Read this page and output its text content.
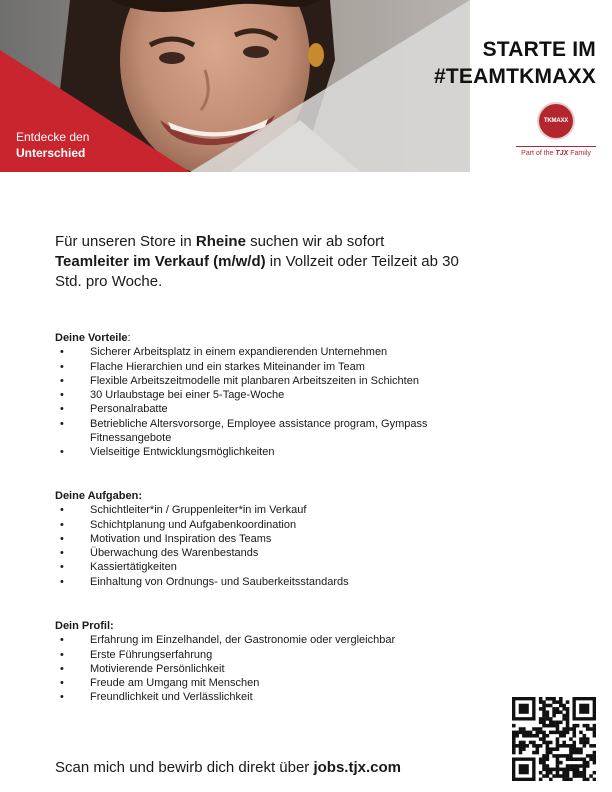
Entdecke den
Unterschied
STARTE IM
#TEAMTKMAXX
TKMAXX
Part of the TJX Family
Für unseren Store in Rheine suchen wir ab sofort
Teamleiter im Verkauf (m/w/d) in Vollzeit oder Teilzeit ab 30 Std. pro Woche.
Deine Vorteile:
• Sicherer Arbeitsplatz in einem expandierenden Unternehmen
• Flache Hierarchien und ein starkes Miteinander im Team
• Flexible Arbeitszeitmodelle mit planbaren Arbeitszeiten in Schichten
• 30 Urlaubstage bei einer 5-Tage-Woche
• Personalrabatte
• Betriebliche Altersvorsorge, Employee assistance program, Gympass Fitnessangebote
• Vielseitige Entwicklungsmöglichkeiten
Deine Aufgaben:
• Schichtleiter*in / Gruppenleiter*in im Verkauf
• Schichtplanung und Aufgabenkoordination
• Motivation und Inspiration des Teams
• Überwachung des Warenbestands
• Kassiertätigkeiten
• Einhaltung von Ordnungs- und Sauberkeitsstandards
Dein Profil:
• Erfahrung im Einzelhandel, der Gastronomie oder vergleichbar
• Erste Führungserfahrung
• Motivierende Persönlichkeit
• Freude am Umgang mit Menschen
• Freundlichkeit und Verlässlichkeit
Scan mich und bewirb dich direkt über jobs.tjx.com
